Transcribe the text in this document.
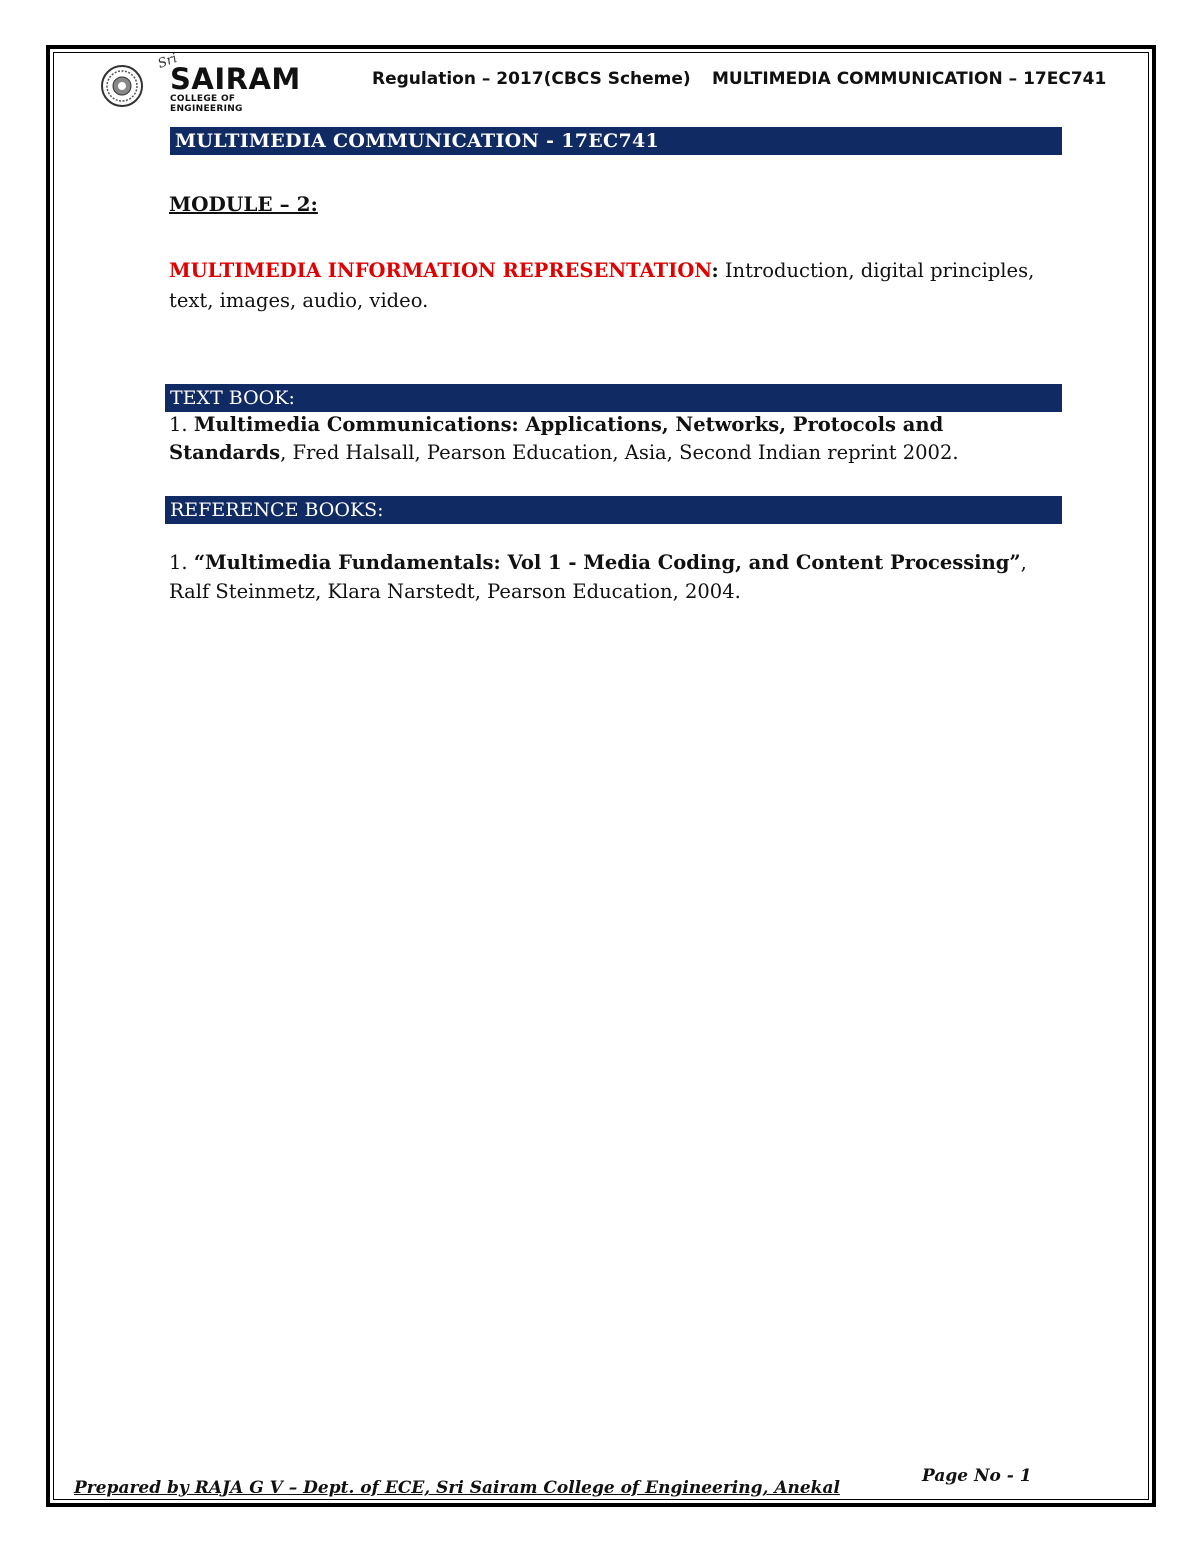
Sri
SAIRAM
COLLEGE OF ENGINEERING
Regulation – 2017(CBCS Scheme) MULTIMEDIA COMMUNICATION – 17EC741
MULTIMEDIA COMMUNICATION - 17EC741
MODULE – 2:
MULTIMEDIA INFORMATION REPRESENTATION: Introduction, digital principles, text, images, audio, video.
TEXT BOOK:
1. Multimedia Communications: Applications, Networks, Protocols and Standards, Fred Halsall, Pearson Education, Asia, Second Indian reprint 2002.
REFERENCE BOOKS:
1. “Multimedia Fundamentals: Vol 1 - Media Coding, and Content Processing”, Ralf Steinmetz, Klara Narstedt, Pearson Education, 2004.
Page No - 1
Prepared by RAJA G V – Dept. of ECE, Sri Sairam College of Engineering, Anekal
